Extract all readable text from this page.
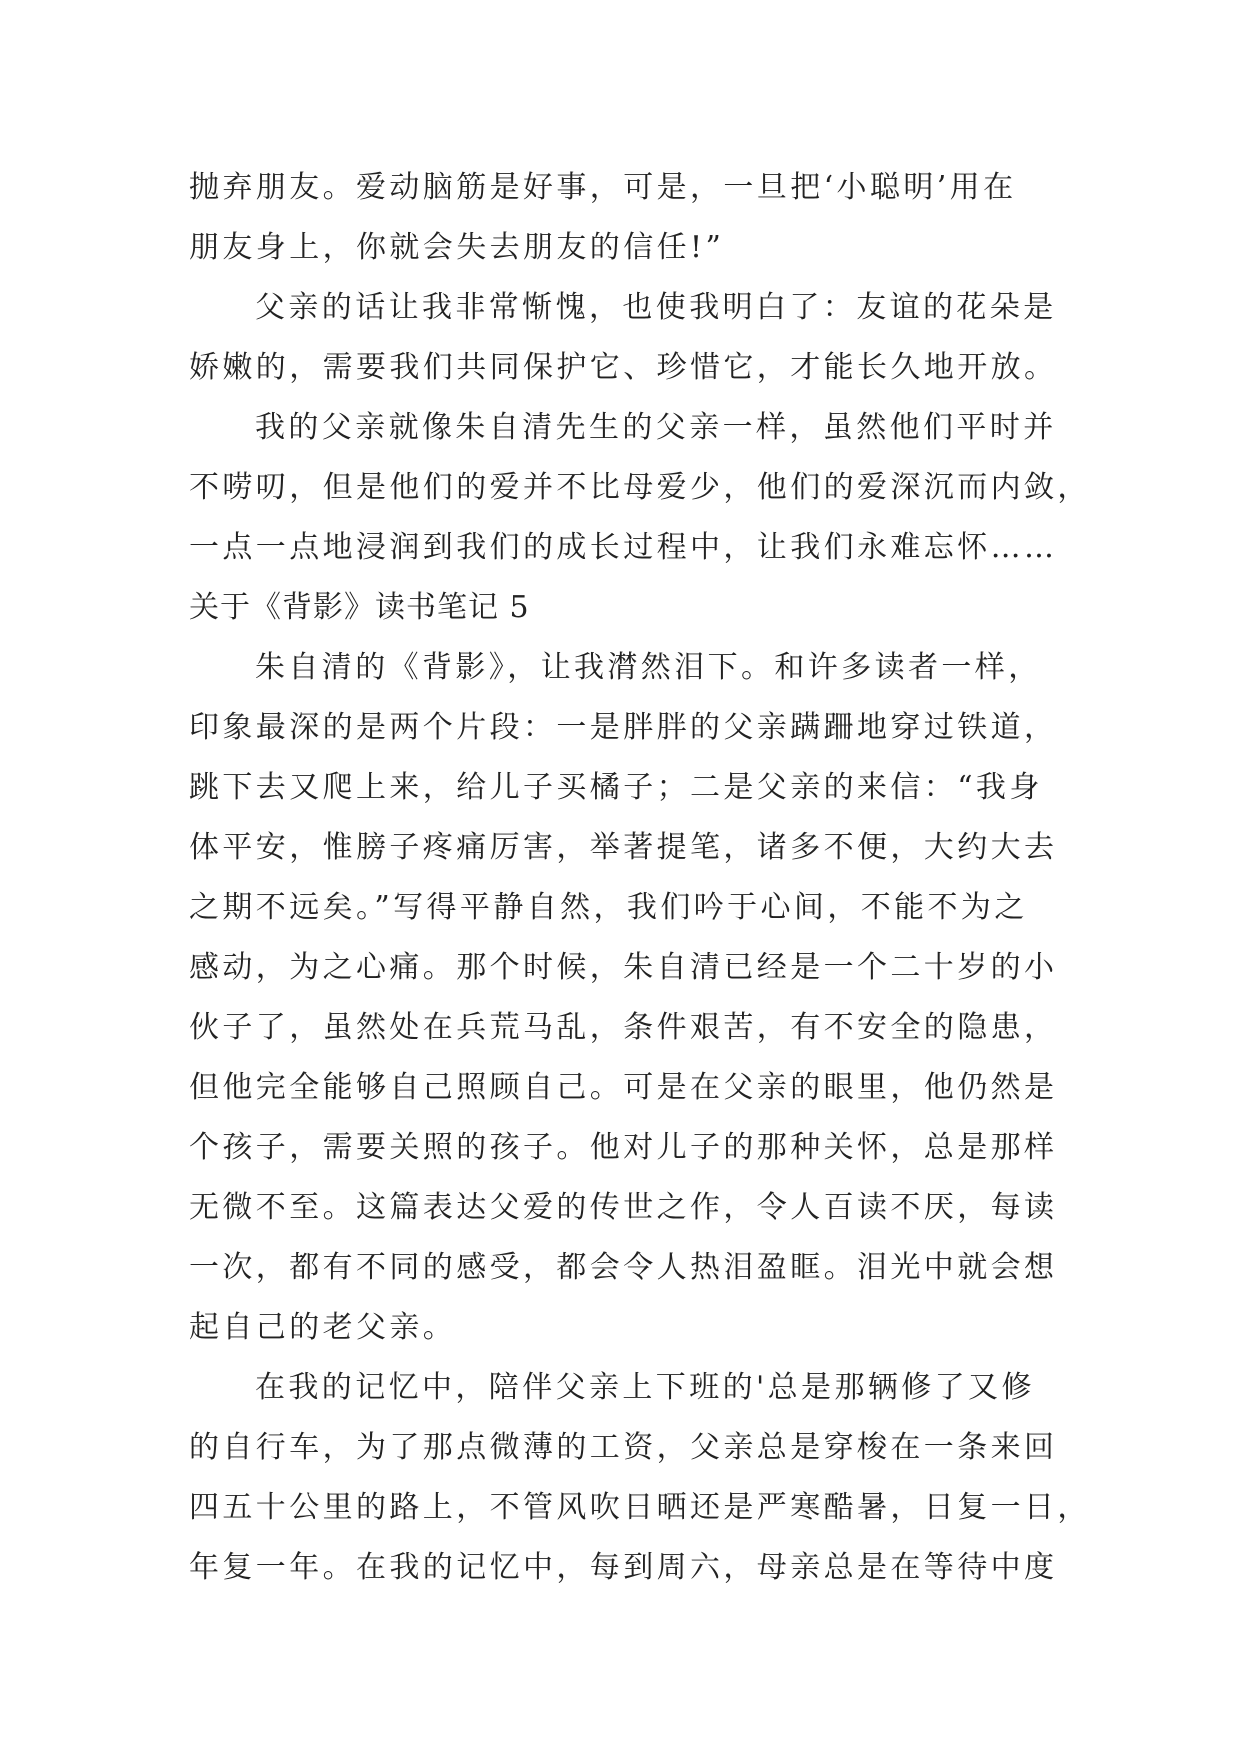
抛弃朋友。爱动脑筋是好事，可是，一旦把‘小聪明’用在
朋友身上，你就会失去朋友的信任!”
父亲的话让我非常惭愧，也使我明白了：友谊的花朵是
娇嫩的，需要我们共同保护它、珍惜它，才能长久地开放。
我的父亲就像朱自清先生的父亲一样，虽然他们平时并
不唠叨，但是他们的爱并不比母爱少，他们的爱深沉而内敛，
一点一点地浸润到我们的成长过程中，让我们永难忘怀……
关于《背影》读书笔记 5
朱自清的《背影》，让我潸然泪下。和许多读者一样，
印象最深的是两个片段：一是胖胖的父亲蹒跚地穿过铁道，
跳下去又爬上来，给儿子买橘子；二是父亲的来信：“我身
体平安，惟膀子疼痛厉害，举著提笔，诸多不便，大约大去
之期不远矣。”写得平静自然，我们吟于心间，不能不为之
感动，为之心痛。那个时候，朱自清已经是一个二十岁的小
伙子了，虽然处在兵荒马乱，条件艰苦，有不安全的隐患，
但他完全能够自己照顾自己。可是在父亲的眼里，他仍然是
个孩子，需要关照的孩子。他对儿子的那种关怀，总是那样
无微不至。这篇表达父爱的传世之作，令人百读不厌，每读
一次，都有不同的感受，都会令人热泪盈眶。泪光中就会想
起自己的老父亲。
在我的记忆中，陪伴父亲上下班的'总是那辆修了又修
的自行车，为了那点微薄的工资，父亲总是穿梭在一条来回
四五十公里的路上，不管风吹日晒还是严寒酷暑，日复一日，
年复一年。在我的记忆中，每到周六，母亲总是在等待中度
